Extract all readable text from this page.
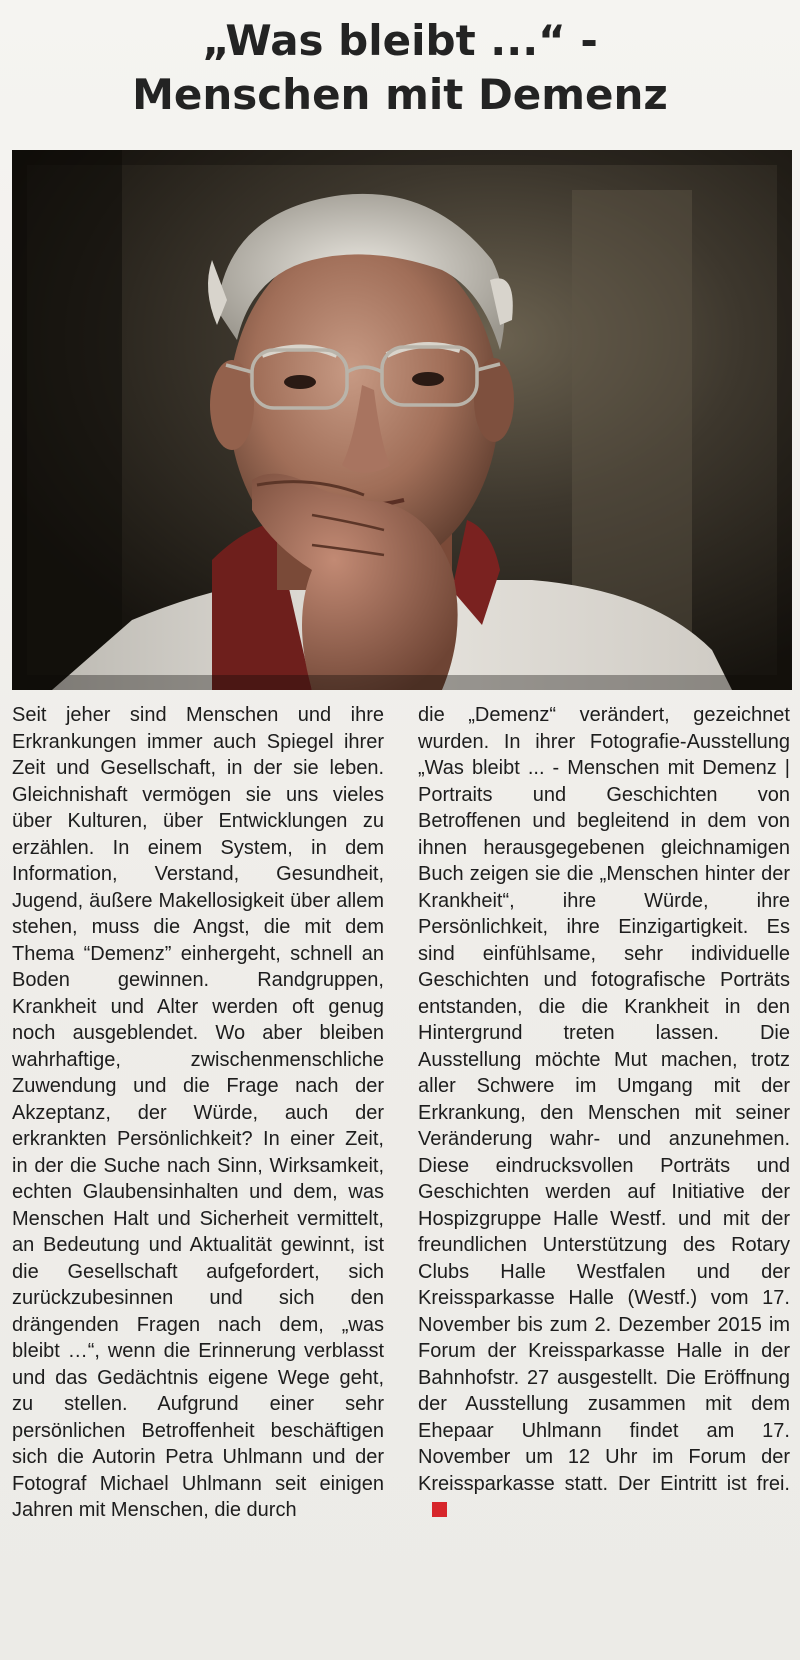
„Was bleibt ...“ -
Menschen mit Demenz

Seit jeher sind Menschen und ihre Erkrankungen immer auch Spiegel ihrer Zeit und Gesellschaft, in der sie leben. Gleichnishaft vermögen sie uns vieles über Kulturen, über Entwicklungen zu erzählen. In einem System, in dem Information, Verstand, Gesundheit, Jugend, äußere Makellosigkeit über allem stehen, muss die Angst, die mit dem Thema “Demenz” einhergeht, schnell an Boden gewinnen. Randgruppen, Krankheit und Alter werden oft genug noch ausgeblendet. Wo aber bleiben wahrhaftige, zwischenmenschliche Zuwendung und die Frage nach der Akzeptanz, der Würde, auch der erkrankten Persönlichkeit? In einer Zeit, in der die Suche nach Sinn, Wirksamkeit, echten Glaubensinhalten und dem, was Menschen Halt und Sicherheit vermittelt, an Bedeutung und Aktualität gewinnt, ist die Gesellschaft aufgefordert, sich zurückzubesinnen und sich den drängenden Fragen nach dem, „was bleibt …“, wenn die Erinnerung verblasst und das Gedächtnis eigene Wege geht, zu stellen. Aufgrund einer sehr persönlichen Betroffenheit beschäftigen sich die Autorin Petra Uhlmann und der Fotograf Michael Uhlmann seit einigen Jahren mit Menschen, die durch

die „Demenz“ verändert, gezeichnet wurden. In ihrer Fotografie-Ausstellung „Was bleibt ... - Menschen mit Demenz | Portraits und Geschichten von Betroffenen und begleitend in dem von ihnen herausgegebenen gleichnamigen Buch zeigen sie die „Menschen hinter der Krankheit“, ihre Würde, ihre Persönlichkeit, ihre Einzigartigkeit. Es sind einfühlsame, sehr individuelle Geschichten und fotografische Porträts entstanden, die die Krankheit in den Hintergrund treten lassen. Die Ausstellung möchte Mut machen, trotz aller Schwere im Umgang mit der Erkrankung, den Menschen mit seiner Veränderung wahr- und anzunehmen. Diese eindrucksvollen Porträts und Geschichten werden auf Initiative der Hospizgruppe Halle Westf. und mit der freundlichen Unterstützung des Rotary Clubs Halle Westfalen und der Kreissparkasse Halle (Westf.) vom 17. November bis zum 2. Dezember 2015 im Forum der Kreissparkasse Halle in der Bahnhofstr. 27 ausgestellt. Die Eröffnung der Ausstellung zusammen mit dem Ehepaar Uhlmann findet am 17. November um 12 Uhr im Forum der Kreissparkasse statt. Der Eintritt ist frei.
